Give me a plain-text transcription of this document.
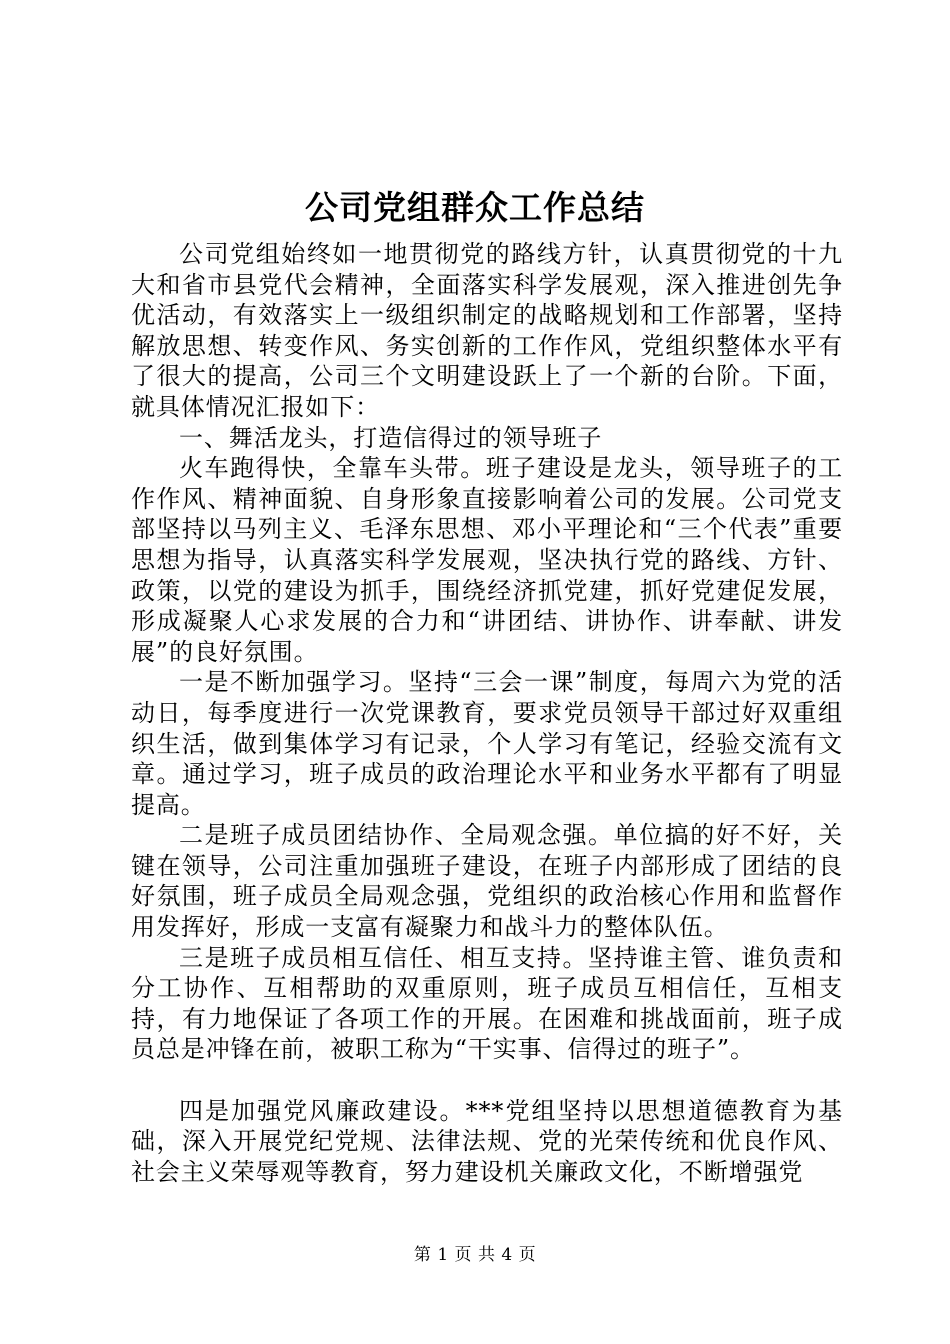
公司党组群众工作总结

公司党组始终如一地贯彻党的路线方针，认真贯彻党的十九大和省市县党代会精神，全面落实科学发展观，深入推进创先争优活动，有效落实上一级组织制定的战略规划和工作部署，坚持解放思想、转变作风、务实创新的工作作风，党组织整体水平有了很大的提高，公司三个文明建设跃上了一个新的台阶。下面，就具体情况汇报如下：

一、舞活龙头，打造信得过的领导班子

火车跑得快，全靠车头带。班子建设是龙头，领导班子的工作作风、精神面貌、自身形象直接影响着公司的发展。公司党支部坚持以马列主义、毛泽东思想、邓小平理论和“三个代表”重要思想为指导，认真落实科学发展观，坚决执行党的路线、方针、政策，以党的建设为抓手，围绕经济抓党建，抓好党建促发展，形成凝聚人心求发展的合力和“讲团结、讲协作、讲奉献、讲发展”的良好氛围。

一是不断加强学习。坚持“三会一课”制度，每周六为党的活动日，每季度进行一次党课教育，要求党员领导干部过好双重组织生活，做到集体学习有记录，个人学习有笔记，经验交流有文章。通过学习，班子成员的政治理论水平和业务水平都有了明显提高。

二是班子成员团结协作、全局观念强。单位搞的好不好，关键在领导，公司注重加强班子建设，在班子内部形成了团结的良好氛围，班子成员全局观念强，党组织的政治核心作用和监督作用发挥好，形成一支富有凝聚力和战斗力的整体队伍。

三是班子成员相互信任、相互支持。坚持谁主管、谁负责和分工协作、互相帮助的双重原则，班子成员互相信任，互相支持，有力地保证了各项工作的开展。在困难和挑战面前，班子成员总是冲锋在前，被职工称为“干实事、信得过的班子”。

四是加强党风廉政建设。***党组坚持以思想道德教育为基础，深入开展党纪党规、法律法规、党的光荣传统和优良作风、社会主义荣辱观等教育，努力建设机关廉政文化，不断增强党

第 1 页 共 4 页
